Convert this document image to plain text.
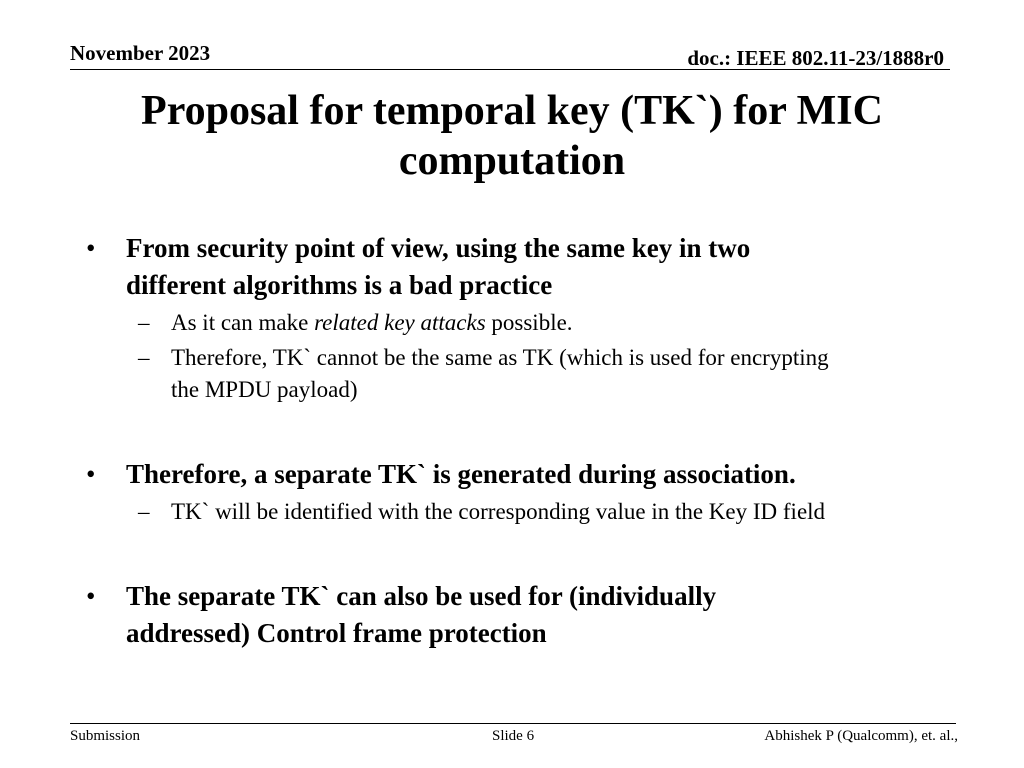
November 2023	doc.: IEEE 802.11-23/1888r0
Proposal for temporal key (TK`) for MIC
computation
• From security point of view, using the same key in two
different algorithms is a bad practice
– As it can make related key attacks possible.
– Therefore, TK` cannot be the same as TK (which is used for encrypting
the MPDU payload)
• Therefore, a separate TK` is generated during association.
– TK` will be identified with the corresponding value in the Key ID field
• The separate TK` can also be used for (individually
addressed) Control frame protection
Submission	Slide 6	Abhishek P (Qualcomm), et. al.,
